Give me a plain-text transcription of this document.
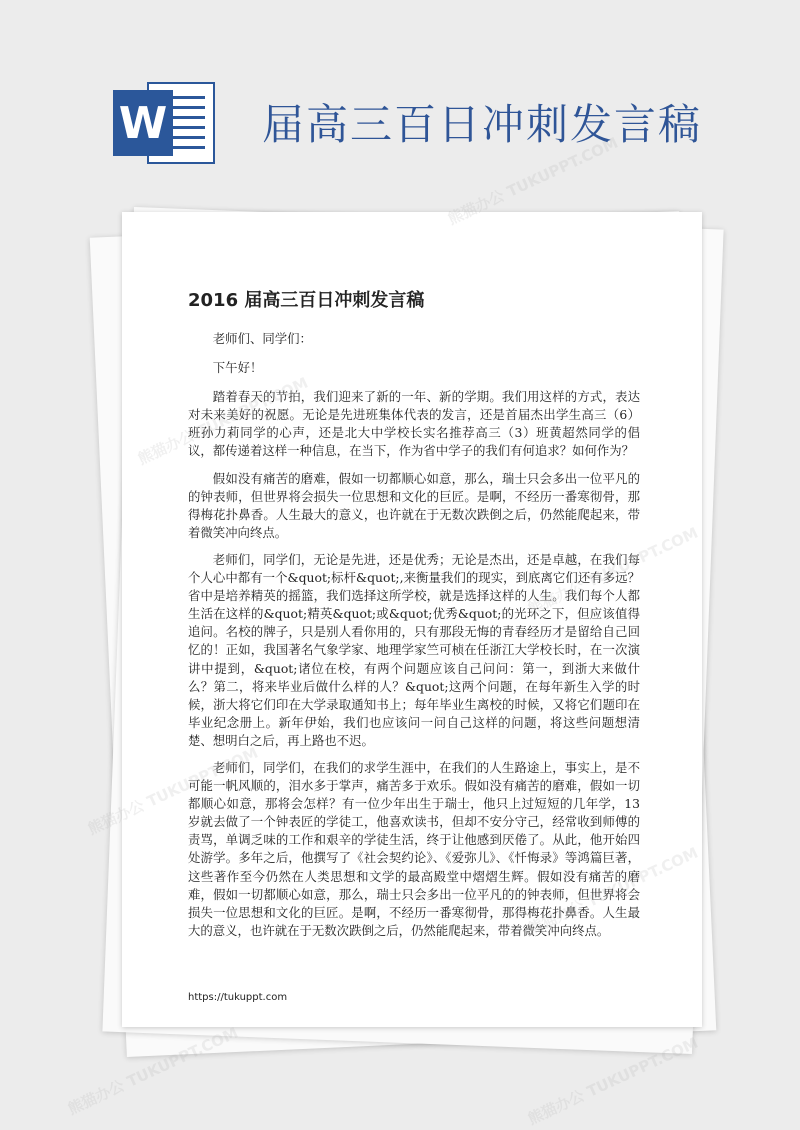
W 届高三百日冲刺发言稿
2016 届高三百日冲刺发言稿

老师们、同学们：

下午好！

踏着春天的节拍，我们迎来了新的一年、新的学期。我们用这样的方式，表达对未来美好的祝愿。无论是先进班集体代表的发言，还是首届杰出学生高三（6）班孙力莉同学的心声，还是北大中学校长实名推荐高三（3）班黄超然同学的倡议，都传递着这样一种信息，在当下，作为省中学子的我们有何追求？如何作为？

假如没有痛苦的磨难，假如一切都顺心如意，那么，瑞士只会多出一位平凡的的钟表师，但世界将会损失一位思想和文化的巨匠。是啊，不经历一番寒彻骨，那得梅花扑鼻香。人生最大的意义，也许就在于无数次跌倒之后，仍然能爬起来，带着微笑冲向终点。

老师们，同学们，无论是先进，还是优秀；无论是杰出，还是卓越，在我们每个人心中都有一个&quot;标杆&quot;,来衡量我们的现实，到底离它们还有多远？省中是培养精英的摇篮，我们选择这所学校，就是选择这样的人生。我们每个人都生活在这样的&quot;精英&quot;或&quot;优秀&quot;的光环之下，但应该值得追问。名校的牌子，只是别人看你用的，只有那段无悔的青春经历才是留给自己回忆的！正如，我国著名气象学家、地理学家竺可桢在任浙江大学校长时，在一次演讲中提到，&quot;诸位在校，有两个问题应该自己问问：第一，到浙大来做什么？第二，将来毕业后做什么样的人？&quot;这两个问题，在每年新生入学的时候，浙大将它们印在大学录取通知书上；每年毕业生离校的时候，又将它们题印在毕业纪念册上。新年伊始，我们也应该问一问自己这样的问题，将这些问题想清楚、想明白之后，再上路也不迟。

老师们，同学们，在我们的求学生涯中，在我们的人生路途上，事实上，是不可能一帆风顺的，泪水多于掌声，痛苦多于欢乐。假如没有痛苦的磨难，假如一切都顺心如意，那将会怎样？有一位少年出生于瑞士，他只上过短短的几年学，13 岁就去做了一个钟表匠的学徒工，他喜欢读书，但却不安分守己，经常收到师傅的责骂，单调乏味的工作和艰辛的学徒生活，终于让他感到厌倦了。从此，他开始四处游学。多年之后，他撰写了《社会契约论》、《爱弥儿》、《忏悔录》等鸿篇巨著，这些著作至今仍然在人类思想和文学的最高殿堂中熠熠生辉。假如没有痛苦的磨难，假如一切都顺心如意，那么，瑞士只会多出一位平凡的的钟表师，但世界将会损失一位思想和文化的巨匠。是啊，不经历一番寒彻骨，那得梅花扑鼻香。人生最大的意义，也许就在于无数次跌倒之后，仍然能爬起来，带着微笑冲向终点。

https://tukuppt.com
熊猫办公 TUKUPPT.COM
熊猫办公 TUKUPPT.COM	熊猫办公 TUKUPPT.COM
